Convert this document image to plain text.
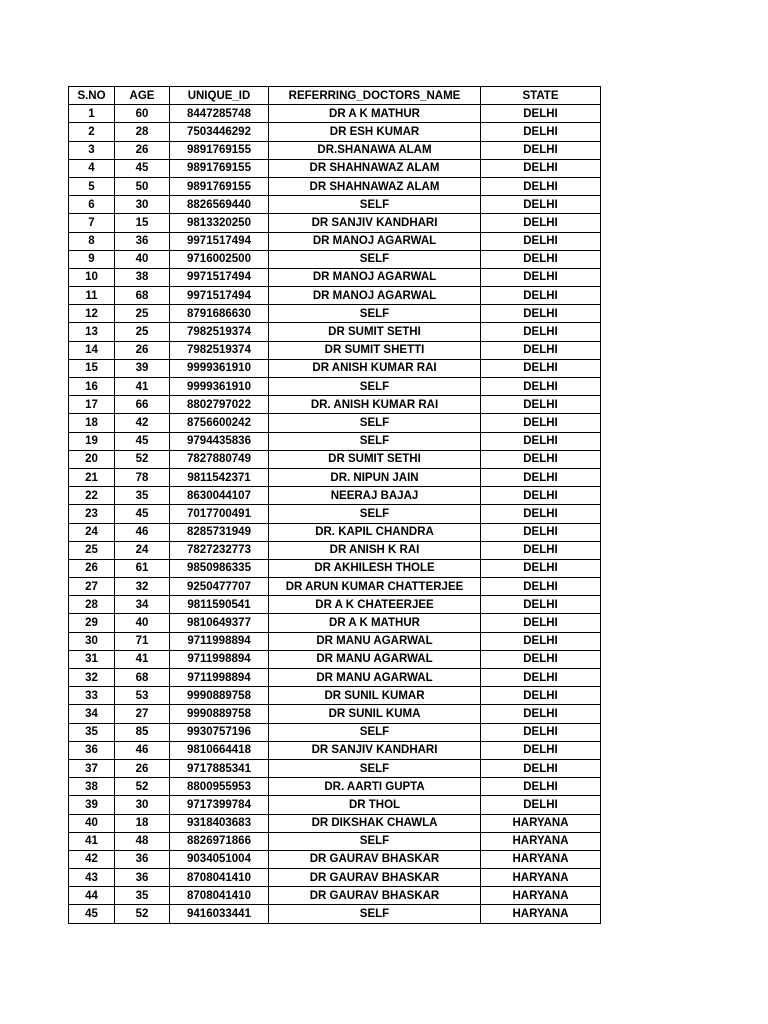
S.NO	AGE	UNIQUE_ID	REFERRING_DOCTORS_NAME	STATE
1	60	8447285748	DR A K MATHUR	DELHI
2	28	7503446292	DR ESH KUMAR	DELHI
3	26	9891769155	DR.SHANAWA ALAM	DELHI
4	45	9891769155	DR SHAHNAWAZ ALAM	DELHI
5	50	9891769155	DR SHAHNAWAZ ALAM	DELHI
6	30	8826569440	SELF	DELHI
7	15	9813320250	DR SANJIV KANDHARI	DELHI
8	36	9971517494	DR MANOJ AGARWAL	DELHI
9	40	9716002500	SELF	DELHI
10	38	9971517494	DR MANOJ AGARWAL	DELHI
11	68	9971517494	DR MANOJ AGARWAL	DELHI
12	25	8791686630	SELF	DELHI
13	25	7982519374	DR SUMIT SETHI	DELHI
14	26	7982519374	DR SUMIT SHETTI	DELHI
15	39	9999361910	DR ANISH KUMAR RAI	DELHI
16	41	9999361910	SELF	DELHI
17	66	8802797022	DR. ANISH KUMAR RAI	DELHI
18	42	8756600242	SELF	DELHI
19	45	9794435836	SELF	DELHI
20	52	7827880749	DR SUMIT SETHI	DELHI
21	78	9811542371	DR. NIPUN JAIN	DELHI
22	35	8630044107	NEERAJ BAJAJ	DELHI
23	45	7017700491	SELF	DELHI
24	46	8285731949	DR. KAPIL CHANDRA	DELHI
25	24	7827232773	DR ANISH K RAI	DELHI
26	61	9850986335	DR AKHILESH THOLE	DELHI
27	32	9250477707	DR ARUN KUMAR CHATTERJEE	DELHI
28	34	9811590541	DR A K CHATEERJEE	DELHI
29	40	9810649377	DR A K MATHUR	DELHI
30	71	9711998894	DR MANU AGARWAL	DELHI
31	41	9711998894	DR MANU AGARWAL	DELHI
32	68	9711998894	DR MANU AGARWAL	DELHI
33	53	9990889758	DR SUNIL KUMAR	DELHI
34	27	9990889758	DR SUNIL KUMA	DELHI
35	85	9930757196	SELF	DELHI
36	46	9810664418	DR SANJIV KANDHARI	DELHI
37	26	9717885341	SELF	DELHI
38	52	8800955953	DR. AARTI GUPTA	DELHI
39	30	9717399784	DR THOL	DELHI
40	18	9318403683	DR DIKSHAK CHAWLA	HARYANA
41	48	8826971866	SELF	HARYANA
42	36	9034051004	DR GAURAV BHASKAR	HARYANA
43	36	8708041410	DR GAURAV BHASKAR	HARYANA
44	35	8708041410	DR GAURAV BHASKAR	HARYANA
45	52	9416033441	SELF	HARYANA
